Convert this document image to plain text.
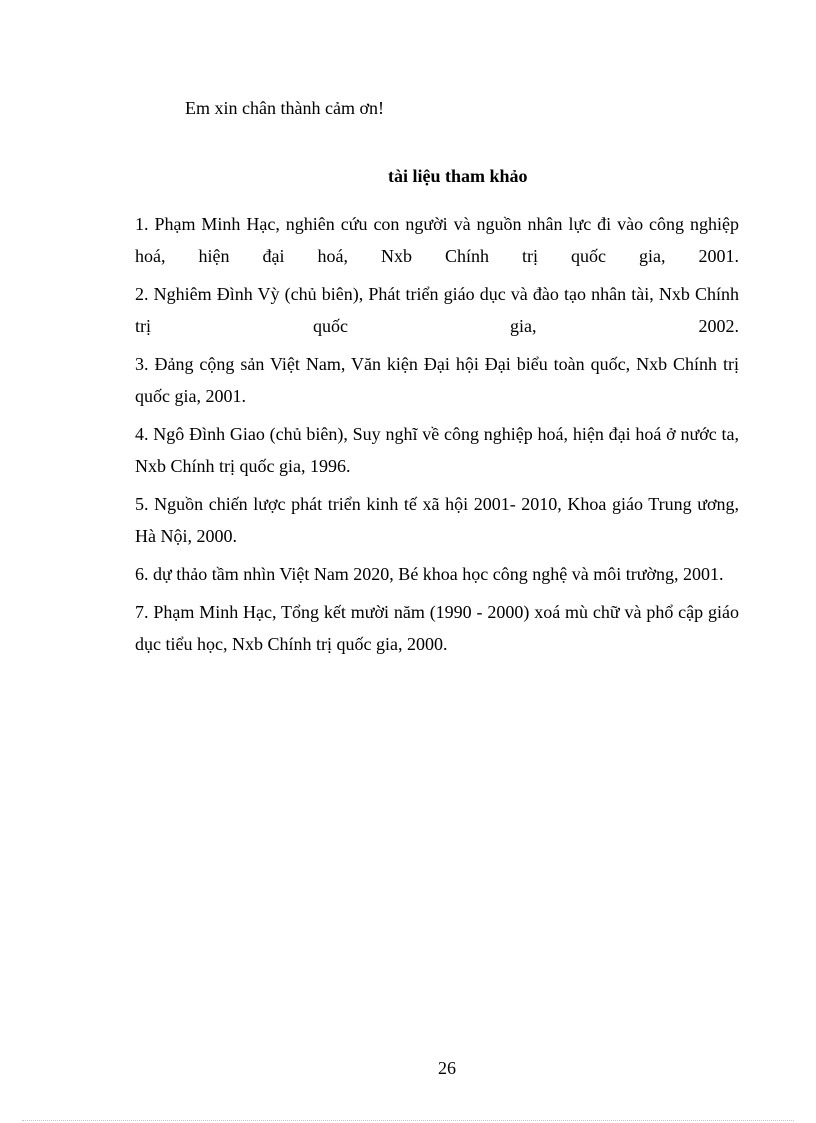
Em xin chân thành cảm ơn!
tài liệu tham khảo
1. Phạm Minh Hạc, nghiên cứu con người và nguồn nhân lực đi vào công nghiệp hoá, hiện đại hoá, Nxb Chính trị quốc gia, 2001.
2. Nghiêm Đình Vỳ (chủ biên), Phát triển giáo dục và đào tạo nhân tài, Nxb Chính trị quốc gia, 2002.
3. Đảng cộng sản Việt Nam, Văn kiện Đại hội Đại biểu toàn quốc, Nxb Chính trị quốc gia, 2001.
4. Ngô Đình Giao (chủ biên), Suy nghĩ về công nghiệp hoá, hiện đại hoá ở nước ta, Nxb Chính trị quốc gia, 1996.
5. Nguồn chiến lược phát triển kinh tế xã hội 2001- 2010, Khoa giáo Trung ương, Hà Nội, 2000.
6. dự thảo tầm nhìn Việt Nam 2020, Bé khoa học công nghệ và môi trường, 2001.
7. Phạm Minh Hạc, Tổng kết mười năm (1990 - 2000) xoá mù chữ và phổ cập giáo dục tiểu học, Nxb Chính trị quốc gia, 2000.
26
